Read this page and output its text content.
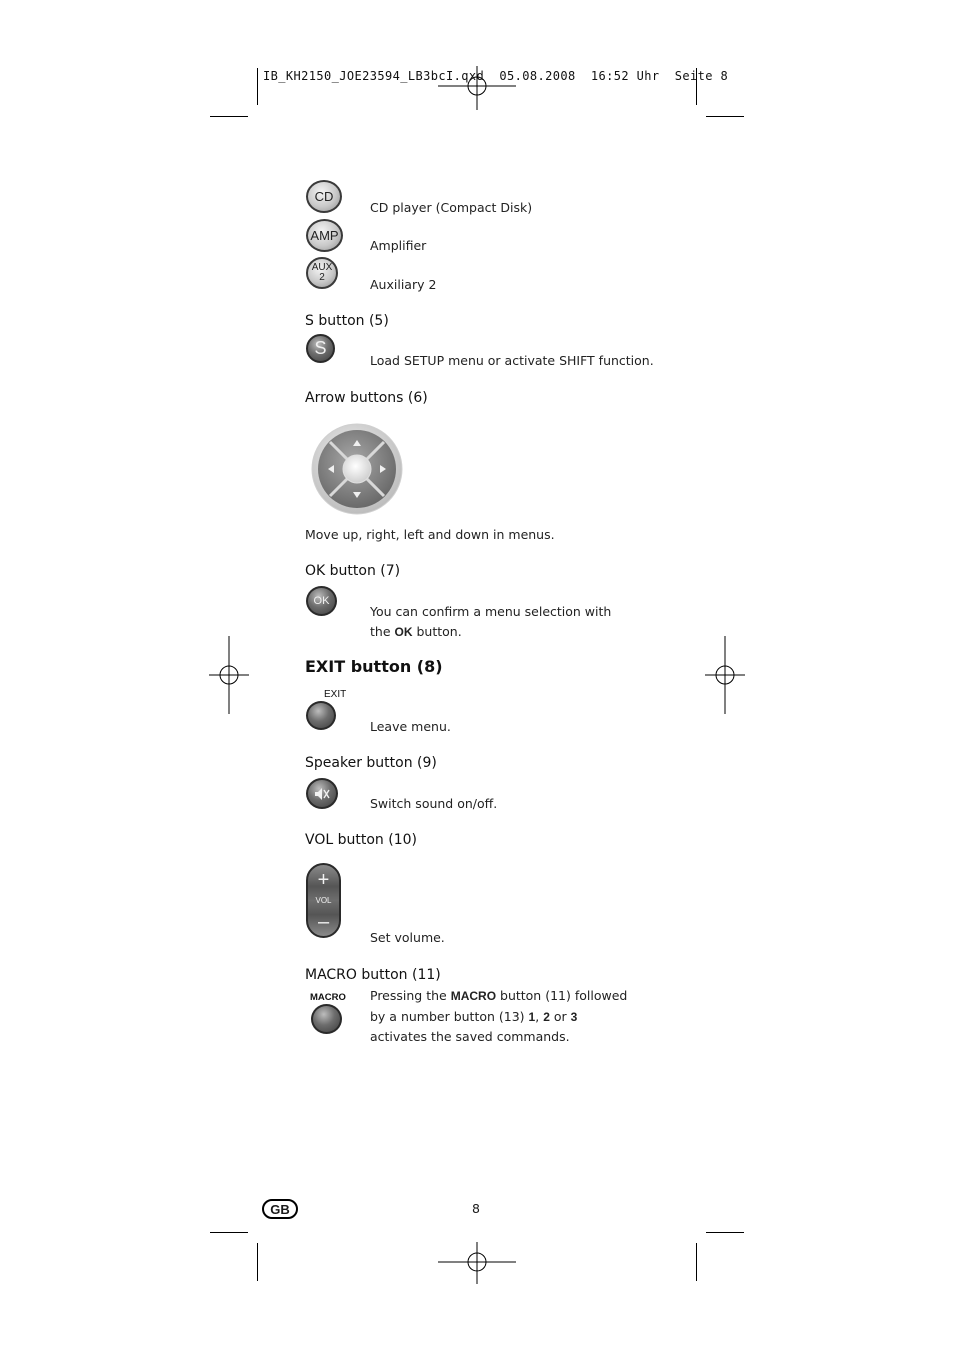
IB_KH2150_JOE23594_LB3bcI.qxd 05.08.2008 16:52 Uhr Seite 8
CD
CD player (Compact Disk)
AMP
Amplifier
AUX
2	Auxiliary 2
S button (5)
S
Load SETUP menu or activate SHIFT function.
Arrow buttons (6)
Move up, right, left and down in menus.
OK button (7)
OK
You can confirm a menu selection with the OK button.
EXIT button (8)
EXIT
Leave menu.
Speaker button (9)
Switch sound on/off.
VOL button (10)
+
VOL
–
Set volume.
MACRO button (11)
MACRO Pressing the MACRO button (11) followed by a number button (13) 1, 2 or 3 activates the saved commands.
GB	8
